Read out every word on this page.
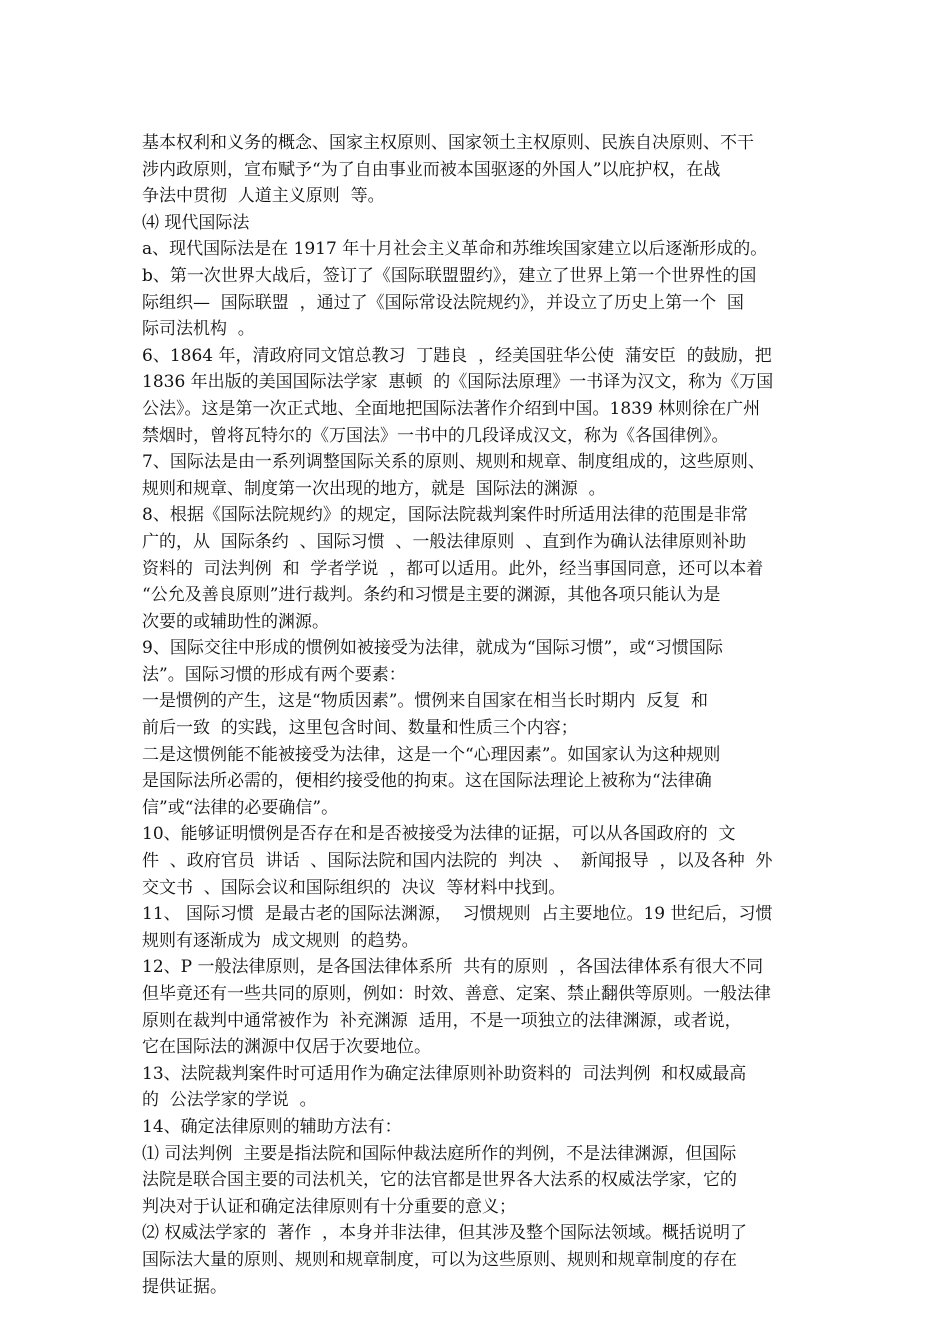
基本权利和义务的概念、国家主权原则、国家领土主权原则、民族自决原则、不干
涉内政原则，宣布赋予“为了自由事业而被本国驱逐的外国人”以庇护权，在战
争法中贯彻  人道主义原则  等。
⑷ 现代国际法
a、现代国际法是在 1917 年十月社会主义革命和苏维埃国家建立以后逐渐形成的。
b、第一次世界大战后，签订了《国际联盟盟约》，建立了世界上第一个世界性的国
际组织—  国际联盟  ，通过了《国际常设法院规约》，并设立了历史上第一个  国
际司法机构  。
6、1864 年，清政府同文馆总教习  丁韪良  ，经美国驻华公使  蒲安臣  的鼓励，把
1836 年出版的美国国际法学家  惠顿  的《国际法原理》一书译为汉文，称为《万国
公法》。这是第一次正式地、全面地把国际法著作介绍到中国。1839 林则徐在广州
禁烟时，曾将瓦特尔的《万国法》一书中的几段译成汉文，称为《各国律例》。
7、国际法是由一系列调整国际关系的原则、规则和规章、制度组成的，这些原则、
规则和规章、制度第一次出现的地方，就是  国际法的渊源  。
8、根据《国际法院规约》的规定，国际法院裁判案件时所适用法律的范围是非常
广的，从  国际条约  、国际习惯  、一般法律原则  、直到作为确认法律原则补助
资料的  司法判例  和  学者学说  ，都可以适用。此外，经当事国同意，还可以本着
“公允及善良原则”进行裁判。条约和习惯是主要的渊源，其他各项只能认为是
次要的或辅助性的渊源。
9、国际交往中形成的惯例如被接受为法律，就成为“国际习惯”，或“习惯国际
法”。国际习惯的形成有两个要素：
一是惯例的产生，这是“物质因素”。惯例来自国家在相当长时期内  反复  和
前后一致  的实践，这里包含时间、数量和性质三个内容；
二是这惯例能不能被接受为法律，这是一个“心理因素”。如国家认为这种规则
是国际法所必需的，便相约接受他的拘束。这在国际法理论上被称为“法律确
信”或“法律的必要确信”。
10、能够证明惯例是否存在和是否被接受为法律的证据，可以从各国政府的  文
件  、政府官员  讲话  、国际法院和国内法院的  判决  、  新闻报导  ，以及各种  外
交文书  、国际会议和国际组织的  决议  等材料中找到。
11、 国际习惯  是最古老的国际法渊源，  习惯规则  占主要地位。19 世纪后，习惯
规则有逐渐成为  成文规则  的趋势。
12、P 一般法律原则，是各国法律体系所  共有的原则  ，各国法律体系有很大不同
但毕竟还有一些共同的原则，例如：时效、善意、定案、禁止翻供等原则。一般法律
原则在裁判中通常被作为  补充渊源  适用，不是一项独立的法律渊源，或者说，
它在国际法的渊源中仅居于次要地位。
13、法院裁判案件时可适用作为确定法律原则补助资料的  司法判例  和权威最高
的  公法学家的学说  。
14、确定法律原则的辅助方法有：
⑴ 司法判例  主要是指法院和国际仲裁法庭所作的判例，不是法律渊源，但国际
法院是联合国主要的司法机关，它的法官都是世界各大法系的权威法学家，它的
判决对于认证和确定法律原则有十分重要的意义；
⑵ 权威法学家的  著作  ，本身并非法律，但其涉及整个国际法领域。概括说明了
国际法大量的原则、规则和规章制度，可以为这些原则、规则和规章制度的存在
提供证据。
